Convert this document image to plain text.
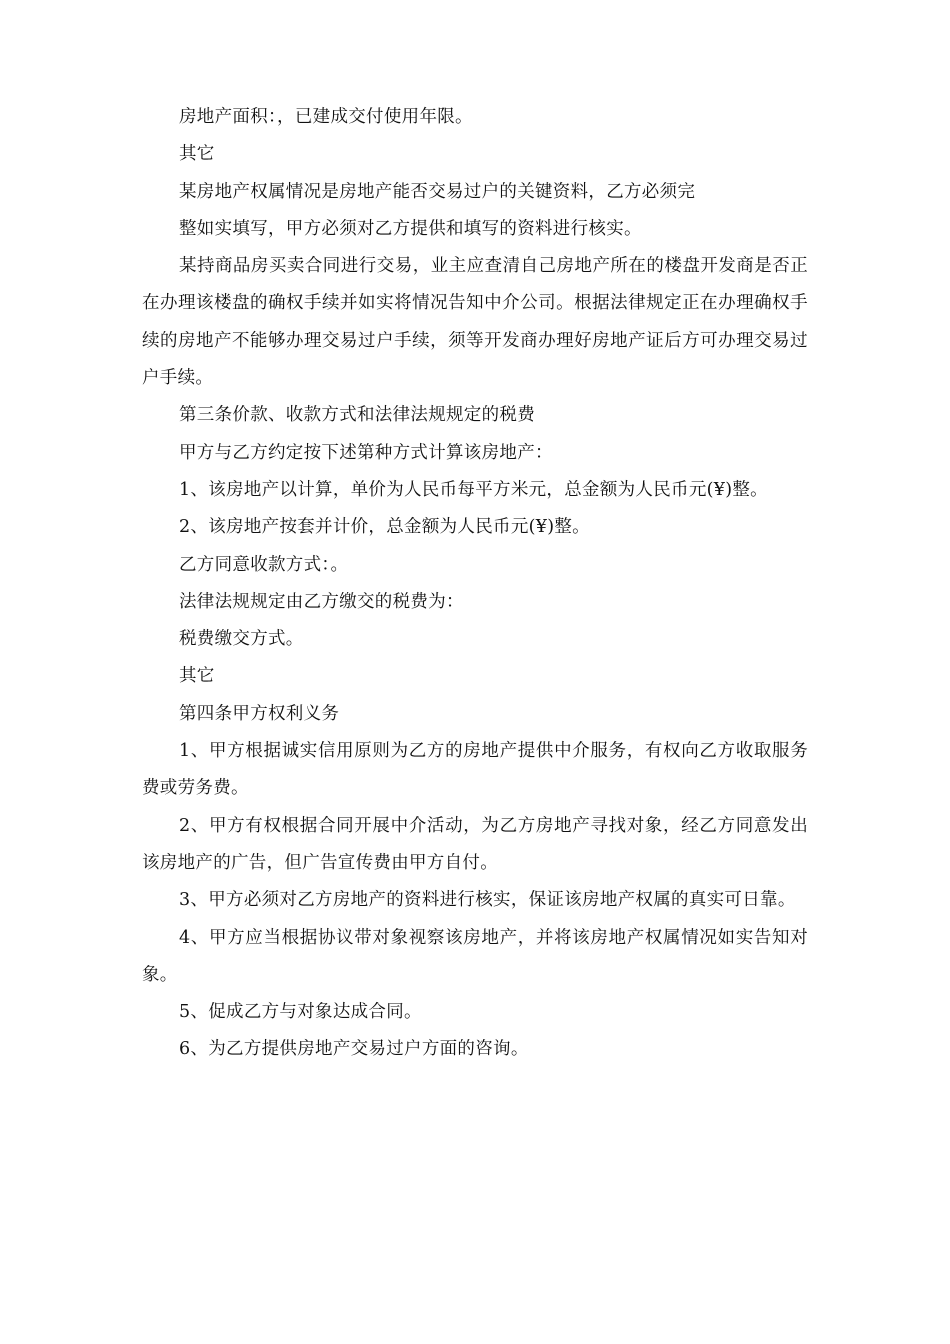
房地产面积：，已建成交付使用年限。

其它

某房地产权属情况是房地产能否交易过户的关键资料，乙方必须完

整如实填写，甲方必须对乙方提供和填写的资料进行核实。

某持商品房买卖合同进行交易，业主应查清自己房地产所在的楼盘开发商是否正在办理该楼盘的确权手续并如实将情况告知中介公司。根据法律规定正在办理确权手续的房地产不能够办理交易过户手续，须等开发商办理好房地产证后方可办理交易过户手续。

第三条价款、收款方式和法律法规规定的税费

甲方与乙方约定按下述第种方式计算该房地产：

1、该房地产以计算，单价为人民币每平方米元，总金额为人民币元(¥)整。

2、该房地产按套并计价，总金额为人民币元(¥)整。

乙方同意收款方式：。

法律法规规定由乙方缴交的税费为：

税费缴交方式。

其它

第四条甲方权利义务

1、甲方根据诚实信用原则为乙方的房地产提供中介服务，有权向乙方收取服务费或劳务费。

2、甲方有权根据合同开展中介活动，为乙方房地产寻找对象，经乙方同意发出该房地产的广告，但广告宣传费由甲方自付。

3、甲方必须对乙方房地产的资料进行核实，保证该房地产权属的真实可日靠。

4、甲方应当根据协议带对象视察该房地产，并将该房地产权属情况如实告知对象。

5、促成乙方与对象达成合同。

6、为乙方提供房地产交易过户方面的咨询。
